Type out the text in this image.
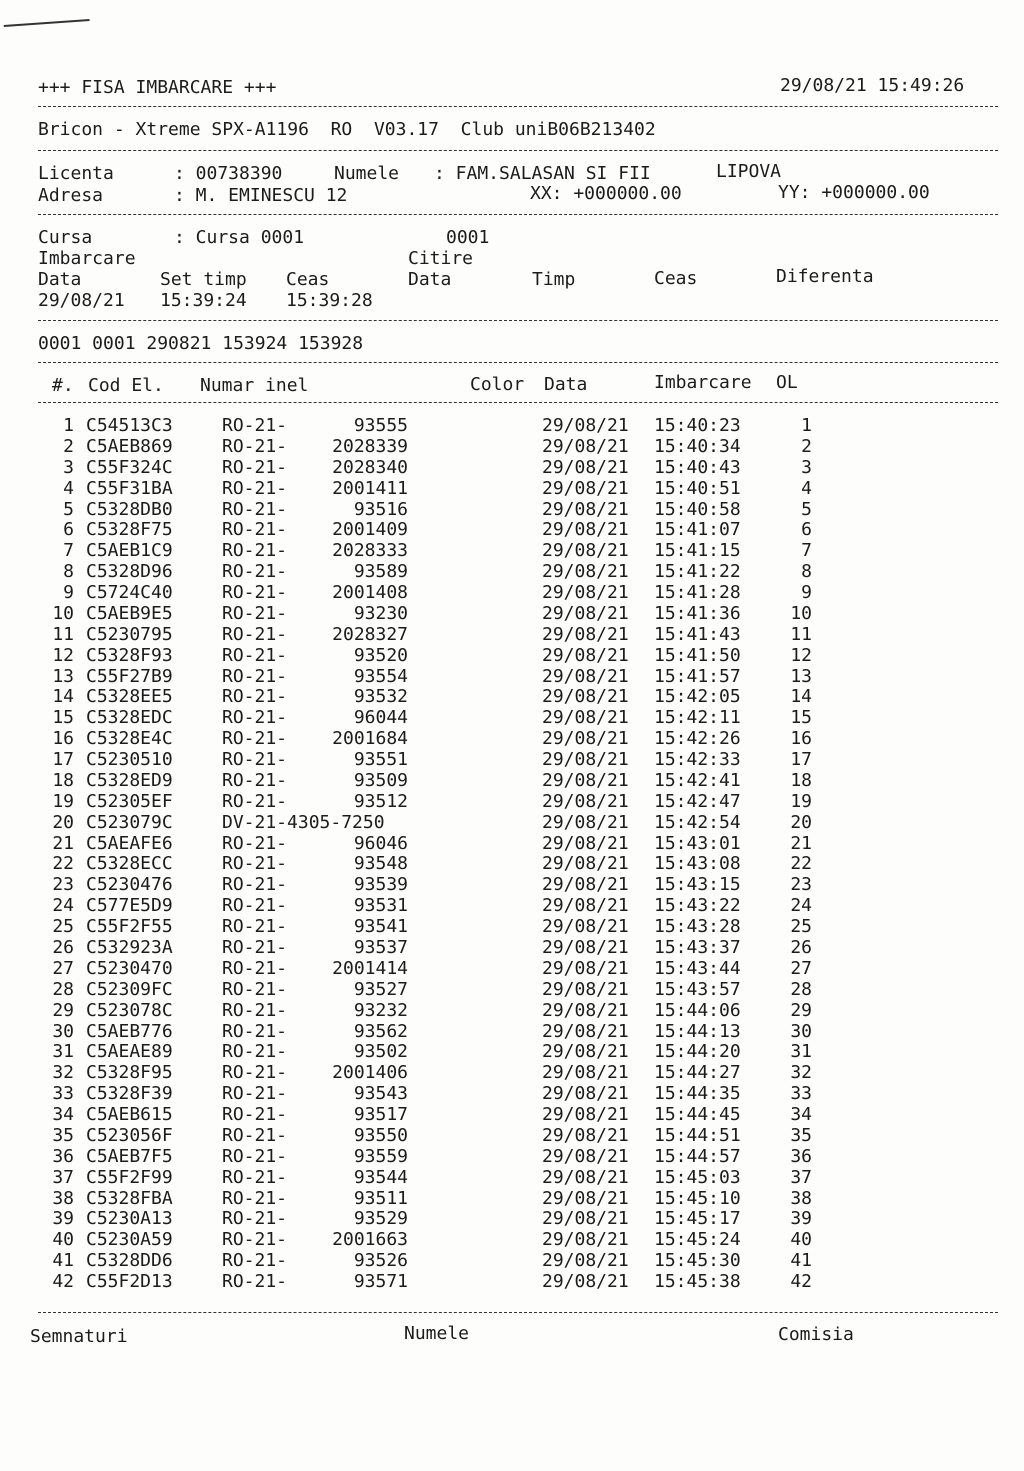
+++ FISA IMBARCARE +++	29/08/21 15:49:26
Bricon - Xtreme SPX-A1196  RO  V03.17  Club uniB06B213402
Licenta	: 00738390	Numele : FAM.SALASAN SI FII	LIPOVA
Adresa	: M. EMINESCU 12	XX: +000000.00	YY: +000000.00
Cursa	: Cursa 0001	0001
Imbarcare	Citire
Data	Set timp Ceas	Data	Timp	Ceas	Diferenta
29/08/21 15:39:24 15:39:28
0001 0001 290821 153924 153928
#. Cod El. Numar inel	Color Data	Imbarcare OL
1 C54513C3	RO-21-	93555	29/08/21 15:40:23	1
2 C5AEB869	RO-21-	2028339	29/08/21 15:40:34	2
3 C55F324C	RO-21-	2028340	29/08/21 15:40:43	3
4 C55F31BA	RO-21-	2001411	29/08/21 15:40:51	4
5 C5328DB0	RO-21-	93516	29/08/21 15:40:58	5
6 C5328F75	RO-21-	2001409	29/08/21 15:41:07	6
7 C5AEB1C9	RO-21-	2028333	29/08/21 15:41:15	7
8 C5328D96	RO-21-	93589	29/08/21 15:41:22	8
9 C5724C40	RO-21-	2001408	29/08/21 15:41:28	9
10 C5AEB9E5	RO-21-	93230	29/08/21 15:41:36	10
11 C5230795	RO-21-	2028327	29/08/21 15:41:43	11
12 C5328F93	RO-21-	93520	29/08/21 15:41:50	12
13 C55F27B9	RO-21-	93554	29/08/21 15:41:57	13
14 C5328EE5	RO-21-	93532	29/08/21 15:42:05	14
15 C5328EDC	RO-21-	96044	29/08/21 15:42:11	15
16 C5328E4C	RO-21-	2001684	29/08/21 15:42:26	16
17 C5230510	RO-21-	93551	29/08/21 15:42:33	17
18 C5328ED9	RO-21-	93509	29/08/21 15:42:41	18
19 C52305EF	RO-21-	93512	29/08/21 15:42:47	19
20 C523079C	DV-21-4305-7250	29/08/21 15:42:54	20
21 C5AEAFE6	RO-21-	96046	29/08/21 15:43:01	21
22 C5328ECC	RO-21-	93548	29/08/21 15:43:08	22
23 C5230476	RO-21-	93539	29/08/21 15:43:15	23
24 C577E5D9	RO-21-	93531	29/08/21 15:43:22	24
25 C55F2F55	RO-21-	93541	29/08/21 15:43:28	25
26 C532923A	RO-21-	93537	29/08/21 15:43:37	26
27 C5230470	RO-21-	2001414	29/08/21 15:43:44	27
28 C52309FC	RO-21-	93527	29/08/21 15:43:57	28
29 C523078C	RO-21-	93232	29/08/21 15:44:06	29
30 C5AEB776	RO-21-	93562	29/08/21 15:44:13	30
31 C5AEAE89	RO-21-	93502	29/08/21 15:44:20	31
32 C5328F95	RO-21-	2001406	29/08/21 15:44:27	32
33 C5328F39	RO-21-	93543	29/08/21 15:44:35	33
34 C5AEB615	RO-21-	93517	29/08/21 15:44:45	34
35 C523056F	RO-21-	93550	29/08/21 15:44:51	35
36 C5AEB7F5	RO-21-	93559	29/08/21 15:44:57	36
37 C55F2F99	RO-21-	93544	29/08/21 15:45:03	37
38 C5328FBA	RO-21-	93511	29/08/21 15:45:10	38
39 C5230A13	RO-21-	93529	29/08/21 15:45:17	39
40 C5230A59	RO-21-	2001663	29/08/21 15:45:24	40
41 C5328DD6	RO-21-	93526	29/08/21 15:45:30	41
42 C55F2D13	RO-21-	93571	29/08/21 15:45:38	42
Semnaturi	Numele	Comisia
